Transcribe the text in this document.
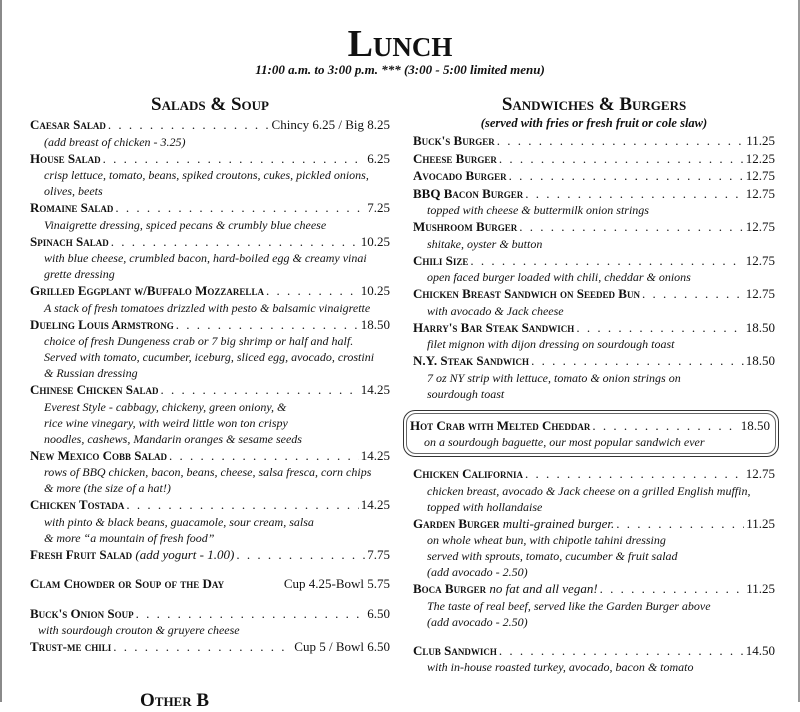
Lunch
11:00 a.m. to 3:00 p.m. *** (3:00 - 5:00 limited menu)
Salads & Soup
Caesar Salad . . .	Chincy 6.25 / Big 8.25
(add breast of chicken - 3.25)
House Salad . . .	6.25
crisp lettuce, tomato, beans, spiked croutons, cukes, pickled onions,
olives, beets
Romaine Salad . . .	7.25
Vinaigrette dressing, spiced pecans & crumbly blue cheese
Spinach Salad . . .	10.25
with blue cheese, crumbled bacon, hard-boiled egg & creamy vinai
grette dressing
Grilled Eggplant w/Buffalo Mozzarella . . .	10.25
A stack of fresh tomatoes drizzled with pesto & balsamic vinaigrette
Dueling Louis Armstrong . . .	18.50
choice of fresh Dungeness crab or 7 big shrimp or half and half.
Served with tomato, cucumber, iceburg, sliced egg, avocado, crostini
& Russian dressing
Chinese Chicken Salad . . .	14.25
Everest Style - cabbagy, chickeny, green oniony, &
rice wine vinegary, with weird little won ton crispy
noodles, cashews, Mandarin oranges & sesame seeds
New Mexico Cobb Salad . . .	14.25
rows of BBQ chicken, bacon, beans, cheese, salsa fresca, corn chips
& more (the size of a hat!)
Chicken Tostada . . .	14.25
with pinto & black beans, guacamole, sour cream, salsa
& more “a mountain of fresh food”
Fresh Fruit Salad
(add yogurt - 1.00) . . .	7.75
Clam Chowder or Soup of the Day	Cup 4.25-Bowl 5.75
Buck's Onion Soup . . .	6.50
with sourdough crouton & gruyere cheese
Trust-me chili . . .	Cup 5 / Bowl 6.50
Other B
Sandwiches & Burgers
(served with fries or fresh fruit or cole slaw)
Buck's Burger . . .	11.25
Cheese Burger . . .	12.25
Avocado Burger . . .	12.75
BBQ Bacon Burger . . .	12.75
topped with cheese & buttermilk onion strings
Mushroom Burger . . .	12.75
shitake, oyster & button
Chili Size . . .	12.75
open faced burger loaded with chili, cheddar & onions
Chicken Breast Sandwich on Seeded Bun . . .	12.75
with avocado & Jack cheese
Harry's Bar Steak Sandwich . . .	18.50
filet mignon with dijon dressing on sourdough toast
N.Y. Steak Sandwich . . .	18.50
7 oz NY strip with lettuce, tomato & onion strings on
sourdough toast
Hot Crab with Melted Cheddar . . .	18.50
on a sourdough baguette, our most popular sandwich ever
Chicken California . . .	12.75
chicken breast, avocado & Jack cheese on a grilled English muffin,
topped with hollandaise
Garden Burger
multi-grained burger. . . .	11.25
on whole wheat bun, with chipotle tahini dressing
served with sprouts, tomato, cucumber & fruit salad
(add avocado - 2.50)
Boca Burger
no fat and all vegan! . . .	11.25
The taste of real beef, served like the Garden Burger above
(add avocado - 2.50)
Club Sandwich . . .	14.50
with in-house roasted turkey, avocado, bacon & tomato
